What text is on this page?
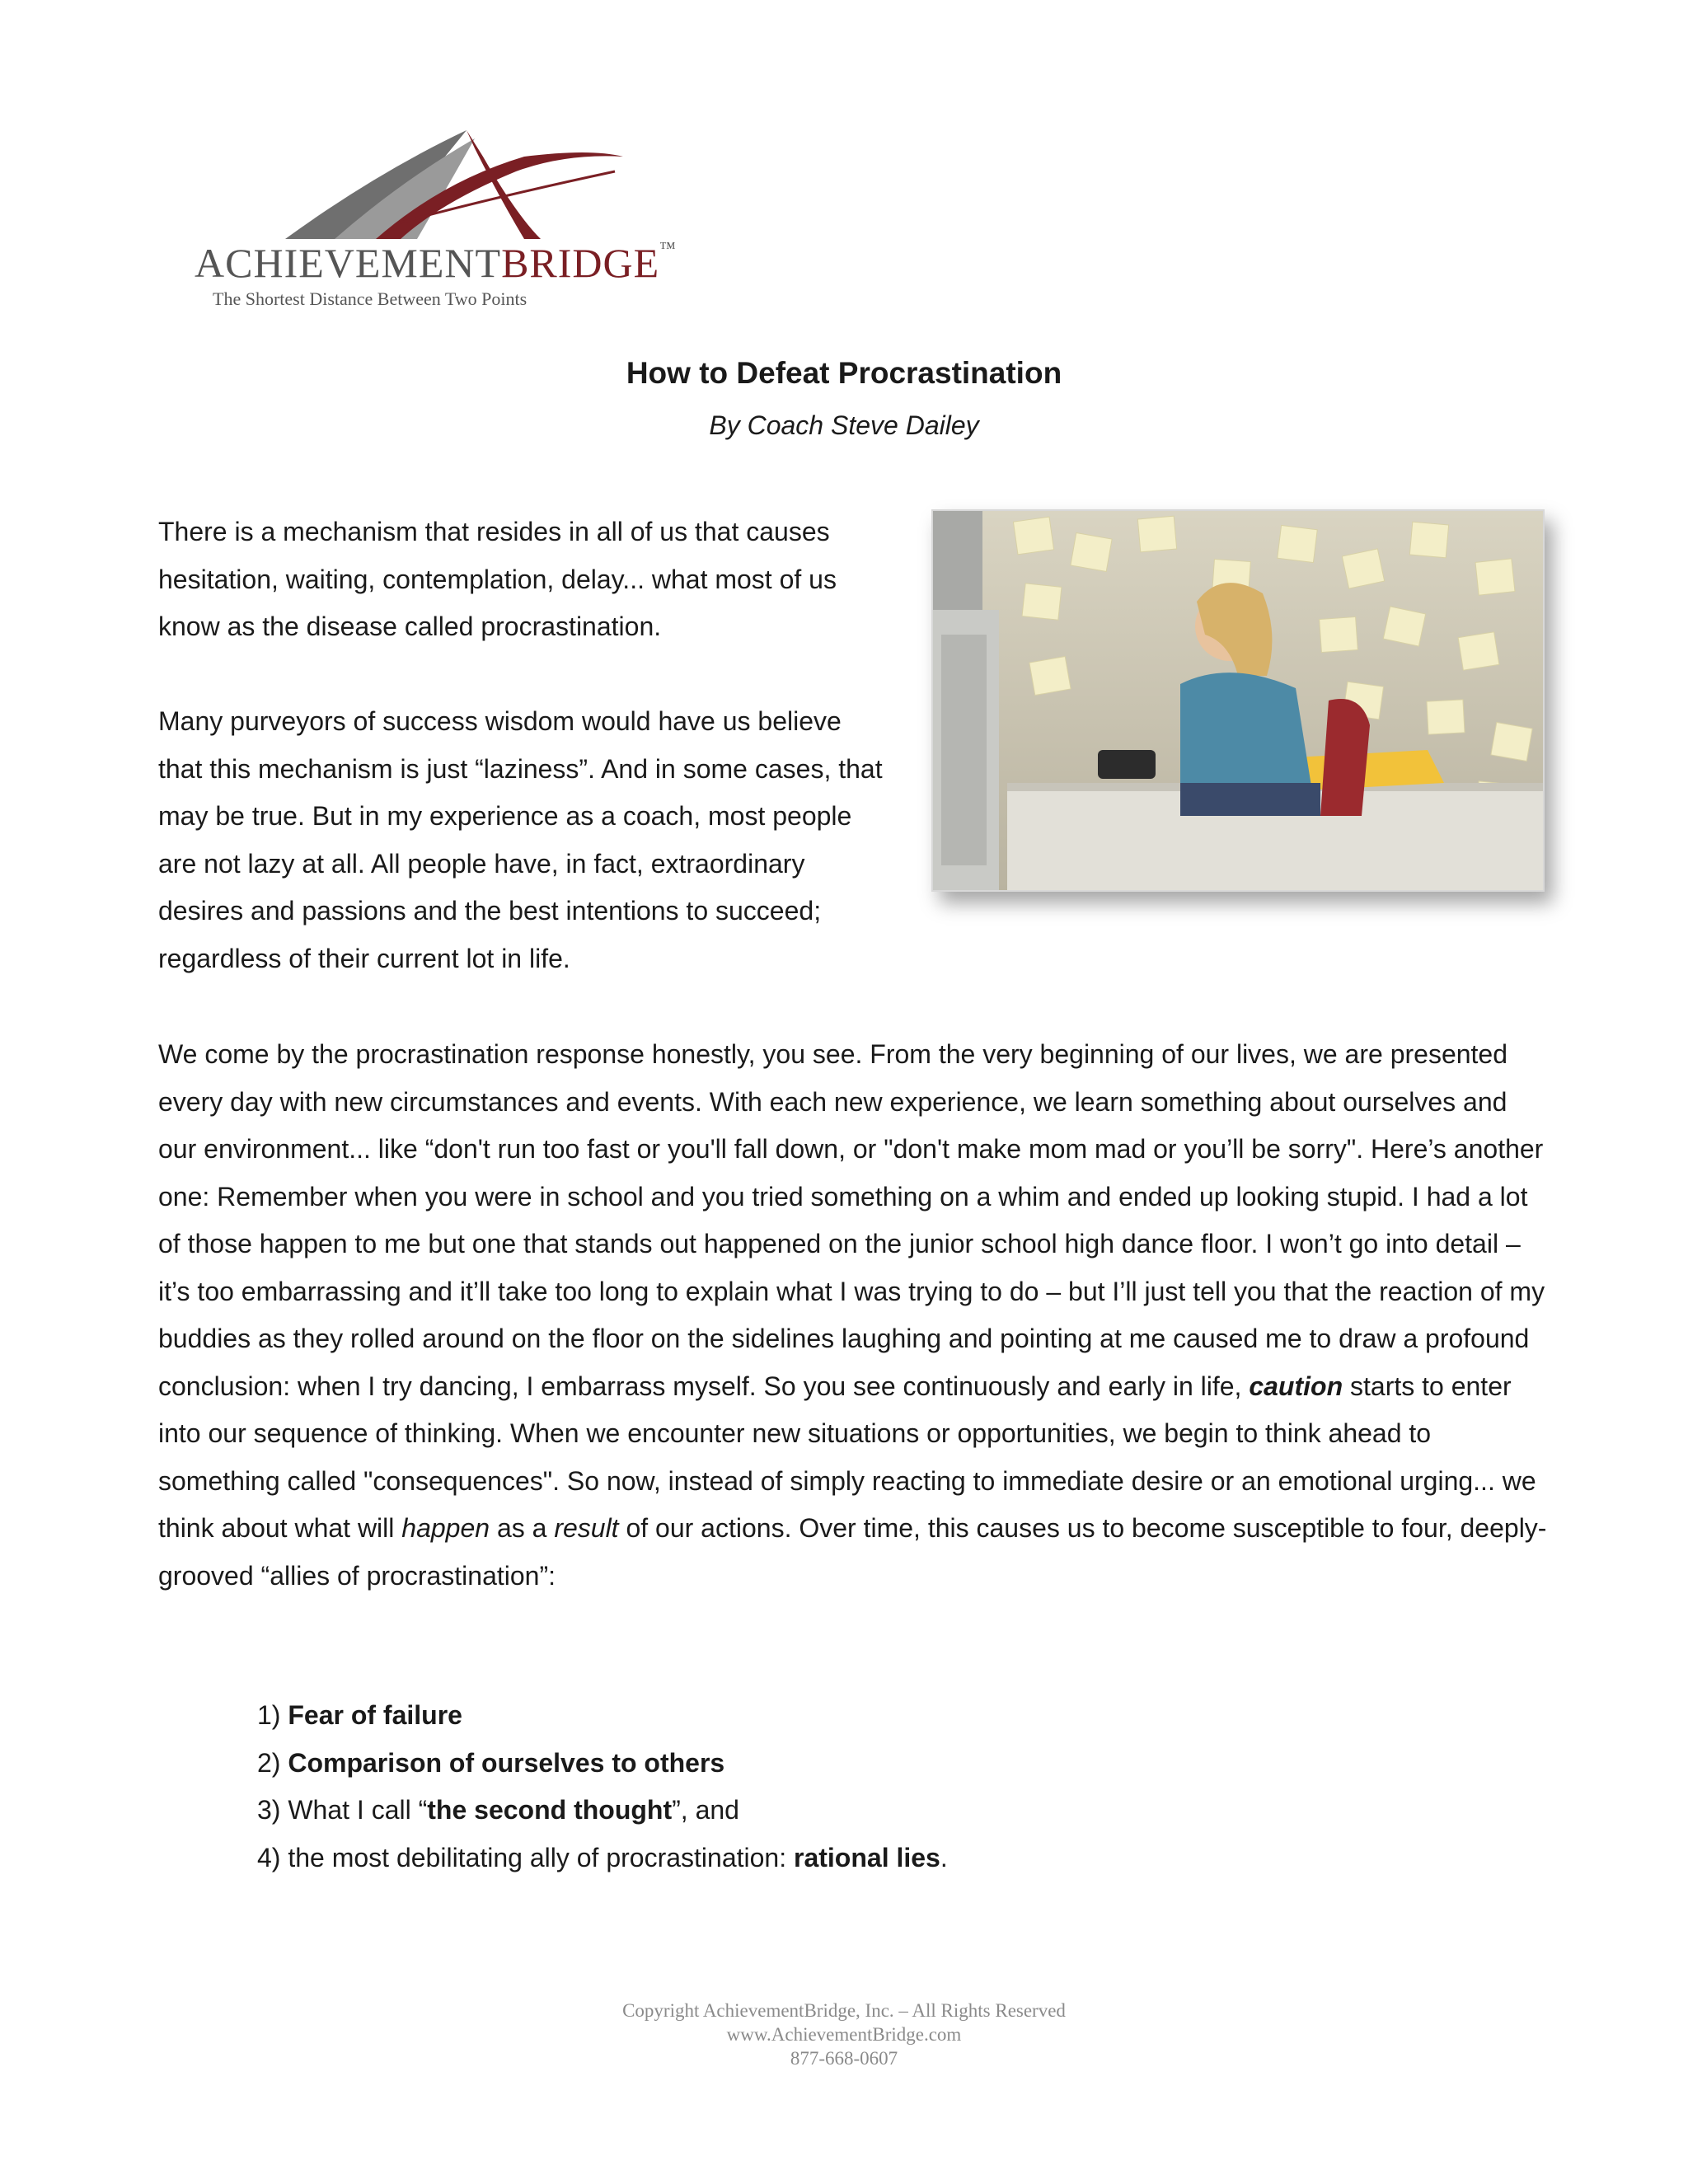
ACHIEVEMENTBRIDGE™
The Shortest Distance Between Two Points
How to Defeat Procrastination

By Coach Steve Dailey

There is a mechanism that resides in all of us that causes hesitation, waiting, contemplation, delay... what most of us know as the disease called procrastination.

Many purveyors of success wisdom would have us believe that this mechanism is just “laziness”. And in some cases, that may be true. But in my experience as a coach, most people are not lazy at all. All people have, in fact, extraordinary desires and passions and the best intentions to succeed; regardless of their current lot in life.

We come by the procrastination response honestly, you see. From the very beginning of our lives, we are presented every day with new circumstances and events. With each new experience, we learn something about ourselves and our environment... like “don't run too fast or you'll fall down, or "don't make mom mad or you’ll be sorry". Here’s another one: Remember when you were in school and you tried something on a whim and ended up looking stupid. I had a lot of those happen to me but one that stands out happened on the junior school high dance floor. I won’t go into detail – it’s too embarrassing and it’ll take too long to explain what I was trying to do – but I’ll just tell you that the reaction of my buddies as they rolled around on the floor on the sidelines laughing and pointing at me caused me to draw a profound conclusion: when I try dancing, I embarrass myself. So you see continuously and early in life, caution starts to enter into our sequence of thinking. When we encounter new situations or opportunities, we begin to think ahead to something called "consequences". So now, instead of simply reacting to immediate desire or an emotional urging... we think about what will happen as a result of our actions. Over time, this causes us to become susceptible to four, deeply-grooved “allies of procrastination”:

1) Fear of failure
2) Comparison of ourselves to others
3) What I call “the second thought”, and
4) the most debilitating ally of procrastination: rational lies.
Copyright AchievementBridge, Inc. – All Rights Reserved
www.AchievementBridge.com
877-668-0607
